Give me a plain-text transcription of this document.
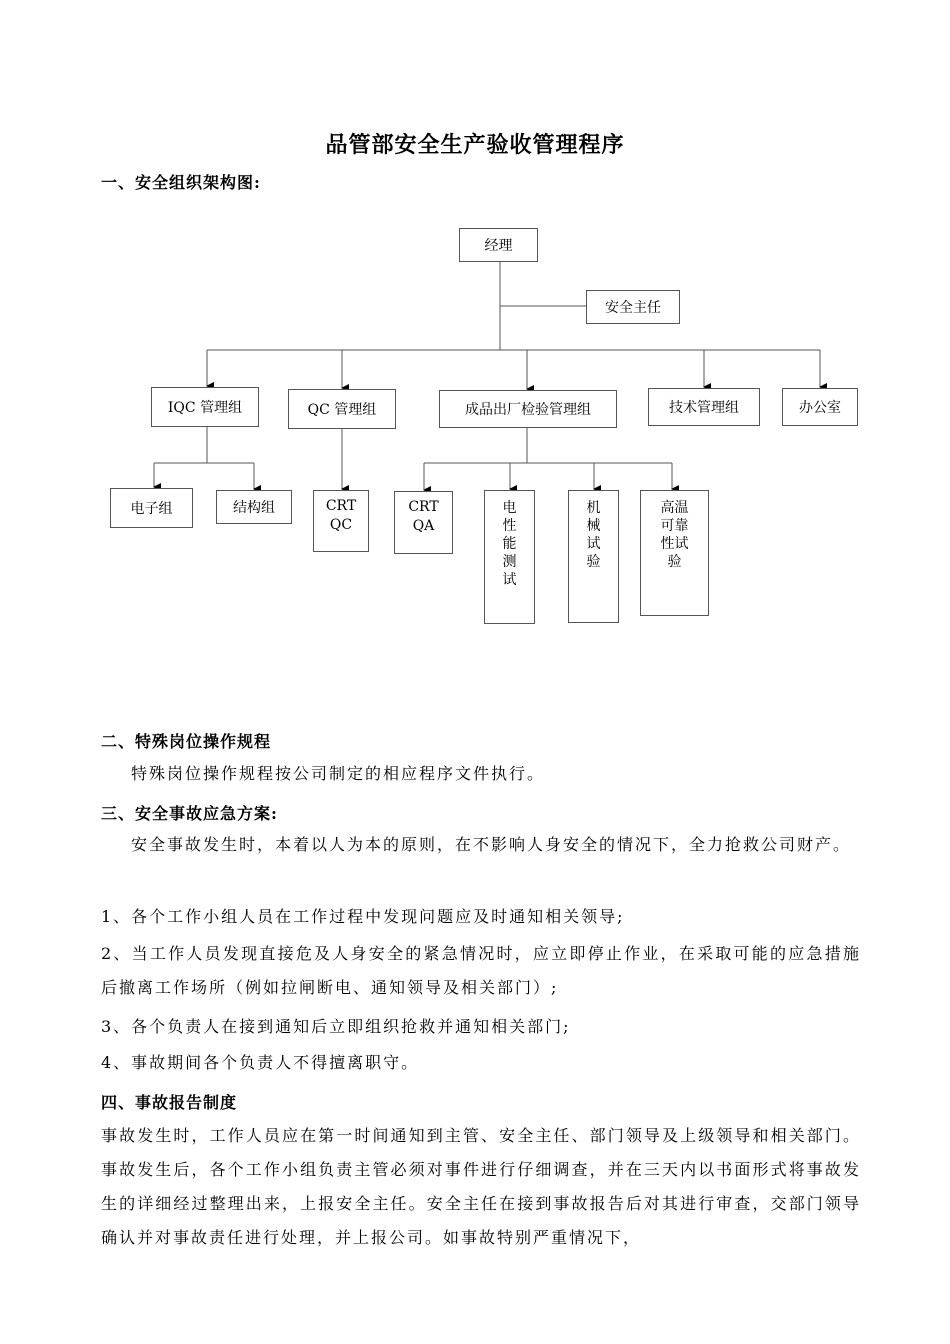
品管部安全生产验收管理程序
一、安全组织架构图:
经理
安全主任
IQC 管理组	QC 管理组	成品出厂检验管理组	技术管理组	办公室
电子组	结构组	CRT
QC
CRT
QA
电
性
能
测
试
机
械
试
验
高温
可靠
性试
验
二、特殊岗位操作规程
特殊岗位操作规程按公司制定的相应程序文件执行。
三、安全事故应急方案:
安全事故发生时，本着以人为本的原则，在不影响人身安全的情况下，全力抢救公司财产。
1、各个工作小组人员在工作过程中发现问题应及时通知相关领导;
2、当工作人员发现直接危及人身安全的紧急情况时，应立即停止作业，在采取可能的应急措施后撤离工作场所（例如拉闸断电、通知领导及相关部门）;
3、各个负责人在接到通知后立即组织抢救并通知相关部门;
4、事故期间各个负责人不得擅离职守。
四、事故报告制度
事故发生时，工作人员应在第一时间通知到主管、安全主任、部门领导及上级领导和相关部门。事故发生后，各个工作小组负责主管必须对事件进行仔细调查，并在三天内以书面形式将事故发生的详细经过整理出来，上报安全主任。安全主任在接到事故报告后对其进行审查，交部门领导确认并对事故责任进行处理，并上报公司。如事故特别严重情况下，
